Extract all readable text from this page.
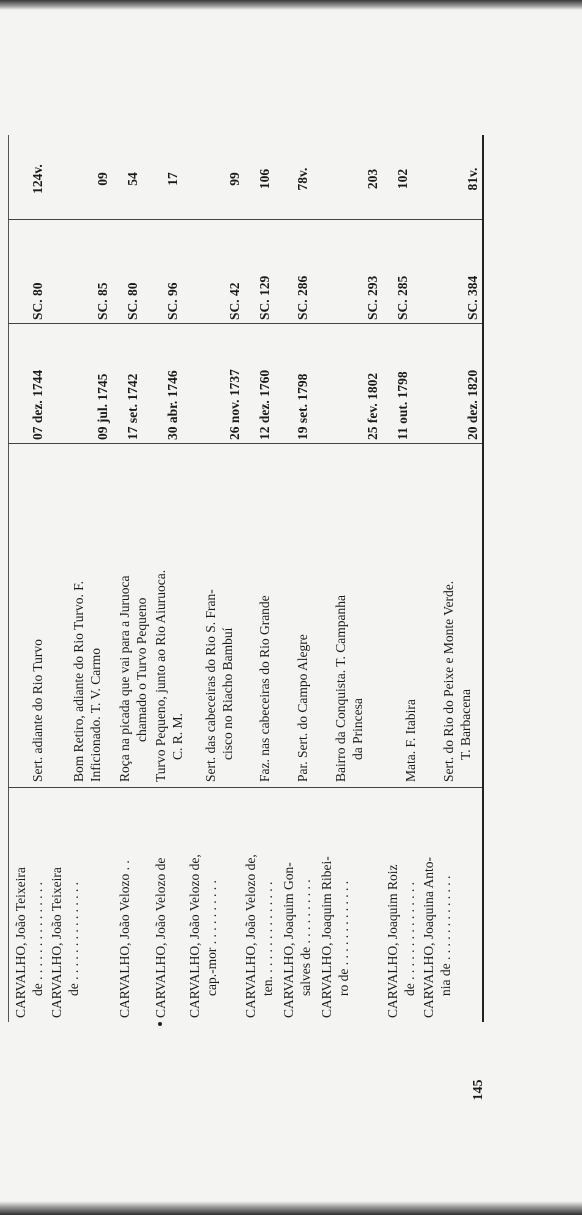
CARVALHO, João Teixeira de . . . . . . . . . . . . . . .
Sert. adiante do Rio Turvo
07 dez. 1744
SC. 80
124v.
CARVALHO, João Teixeira de . . . . . . . . . . . . . . .
Bom Retiro, adiante do Rio Turvo. F. Inficionado. T. V. Carmo
09 jul. 1745
SC. 85
09
CARVALHO, João Velozo . .
Roça na picada que vai para a Juruoca chamado o Turvo Pequeno
17 set. 1742
SC. 80
54
CARVALHO, João Velozo de
Turvo Pequeno, junto ao Rio Aiuruoca. C. R. M.
30 abr. 1746
SC. 96
17
CARVALHO, João Velozo de, cap.-mor . . . . . . . . . .
Sert. das cabeceiras do Rio S. Fran- cisco no Riacho Bambuí
26 nov. 1737
SC. 42
99
CARVALHO, João Velozo de, ten. . . . . . . . . . . . . . .
Faz. nas cabeceiras do Rio Grande
12 dez. 1760
SC. 129
106
CARVALHO, Joaquim Gon- salves de . . . . . . . . . .
Par. Sert. do Campo Alegre
19 set. 1798
SC. 286
78v.
CARVALHO, Joaquim Ribei- ro de . . . . . . . . . . . . .
Bairro da Conquista. T. Campanha da Princesa
25 fev. 1802
SC. 293
203
CARVALHO, Joaquim Roiz de . . . . . . . . . . . . . . .
Mata. F. Itabira
11 out. 1798
SC. 285
102
CARVALHO, Joaquina Anto- nia de . . . . . . . . . . . . .
Sert. do Rio do Peixe e Monte Verde. T. Barbacena
20 dez. 1820
SC. 384
81v.
145
